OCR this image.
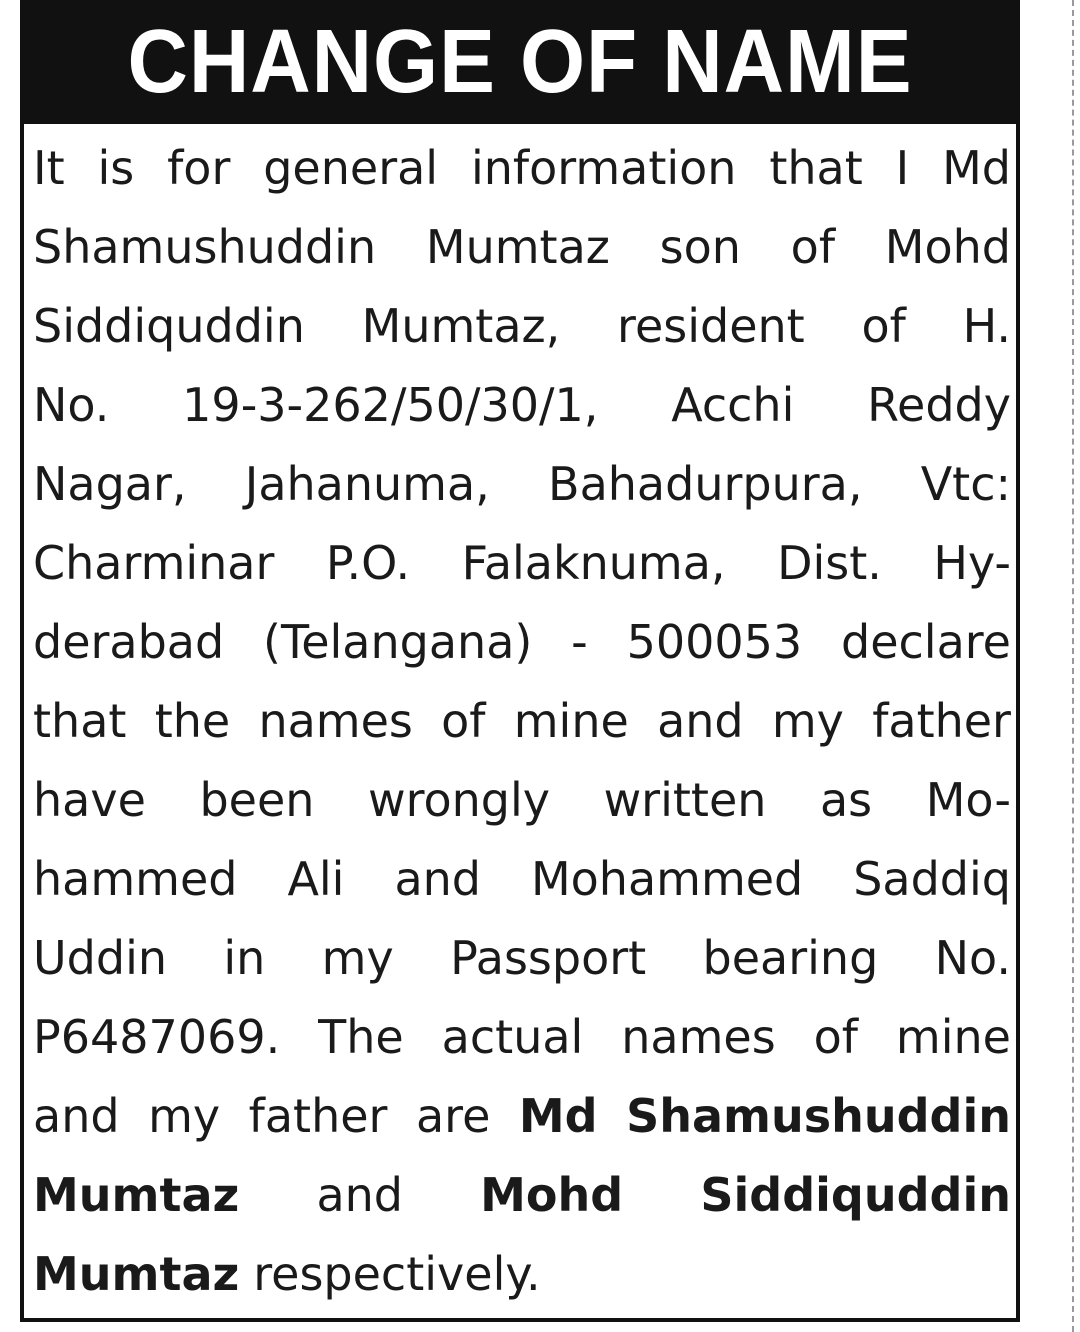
CHANGE OF NAME
It is for general information that I Md
Shamushuddin Mumtaz son of Mohd
Siddiquddin Mumtaz, resident of H.
No. 19-3-262/50/30/1, Acchi Reddy
Nagar, Jahanuma, Bahadurpura, Vtc:
Charminar P.O. Falaknuma, Dist. Hy-
derabad (Telangana) - 500053 declare
that the names of mine and my father
have been wrongly written as Mo-
hammed Ali and Mohammed Saddiq
Uddin in my Passport bearing No.
P6487069. The actual names of mine
and my father are Md Shamushuddin
Mumtaz and Mohd Siddiquddin
Mumtaz respectively.
